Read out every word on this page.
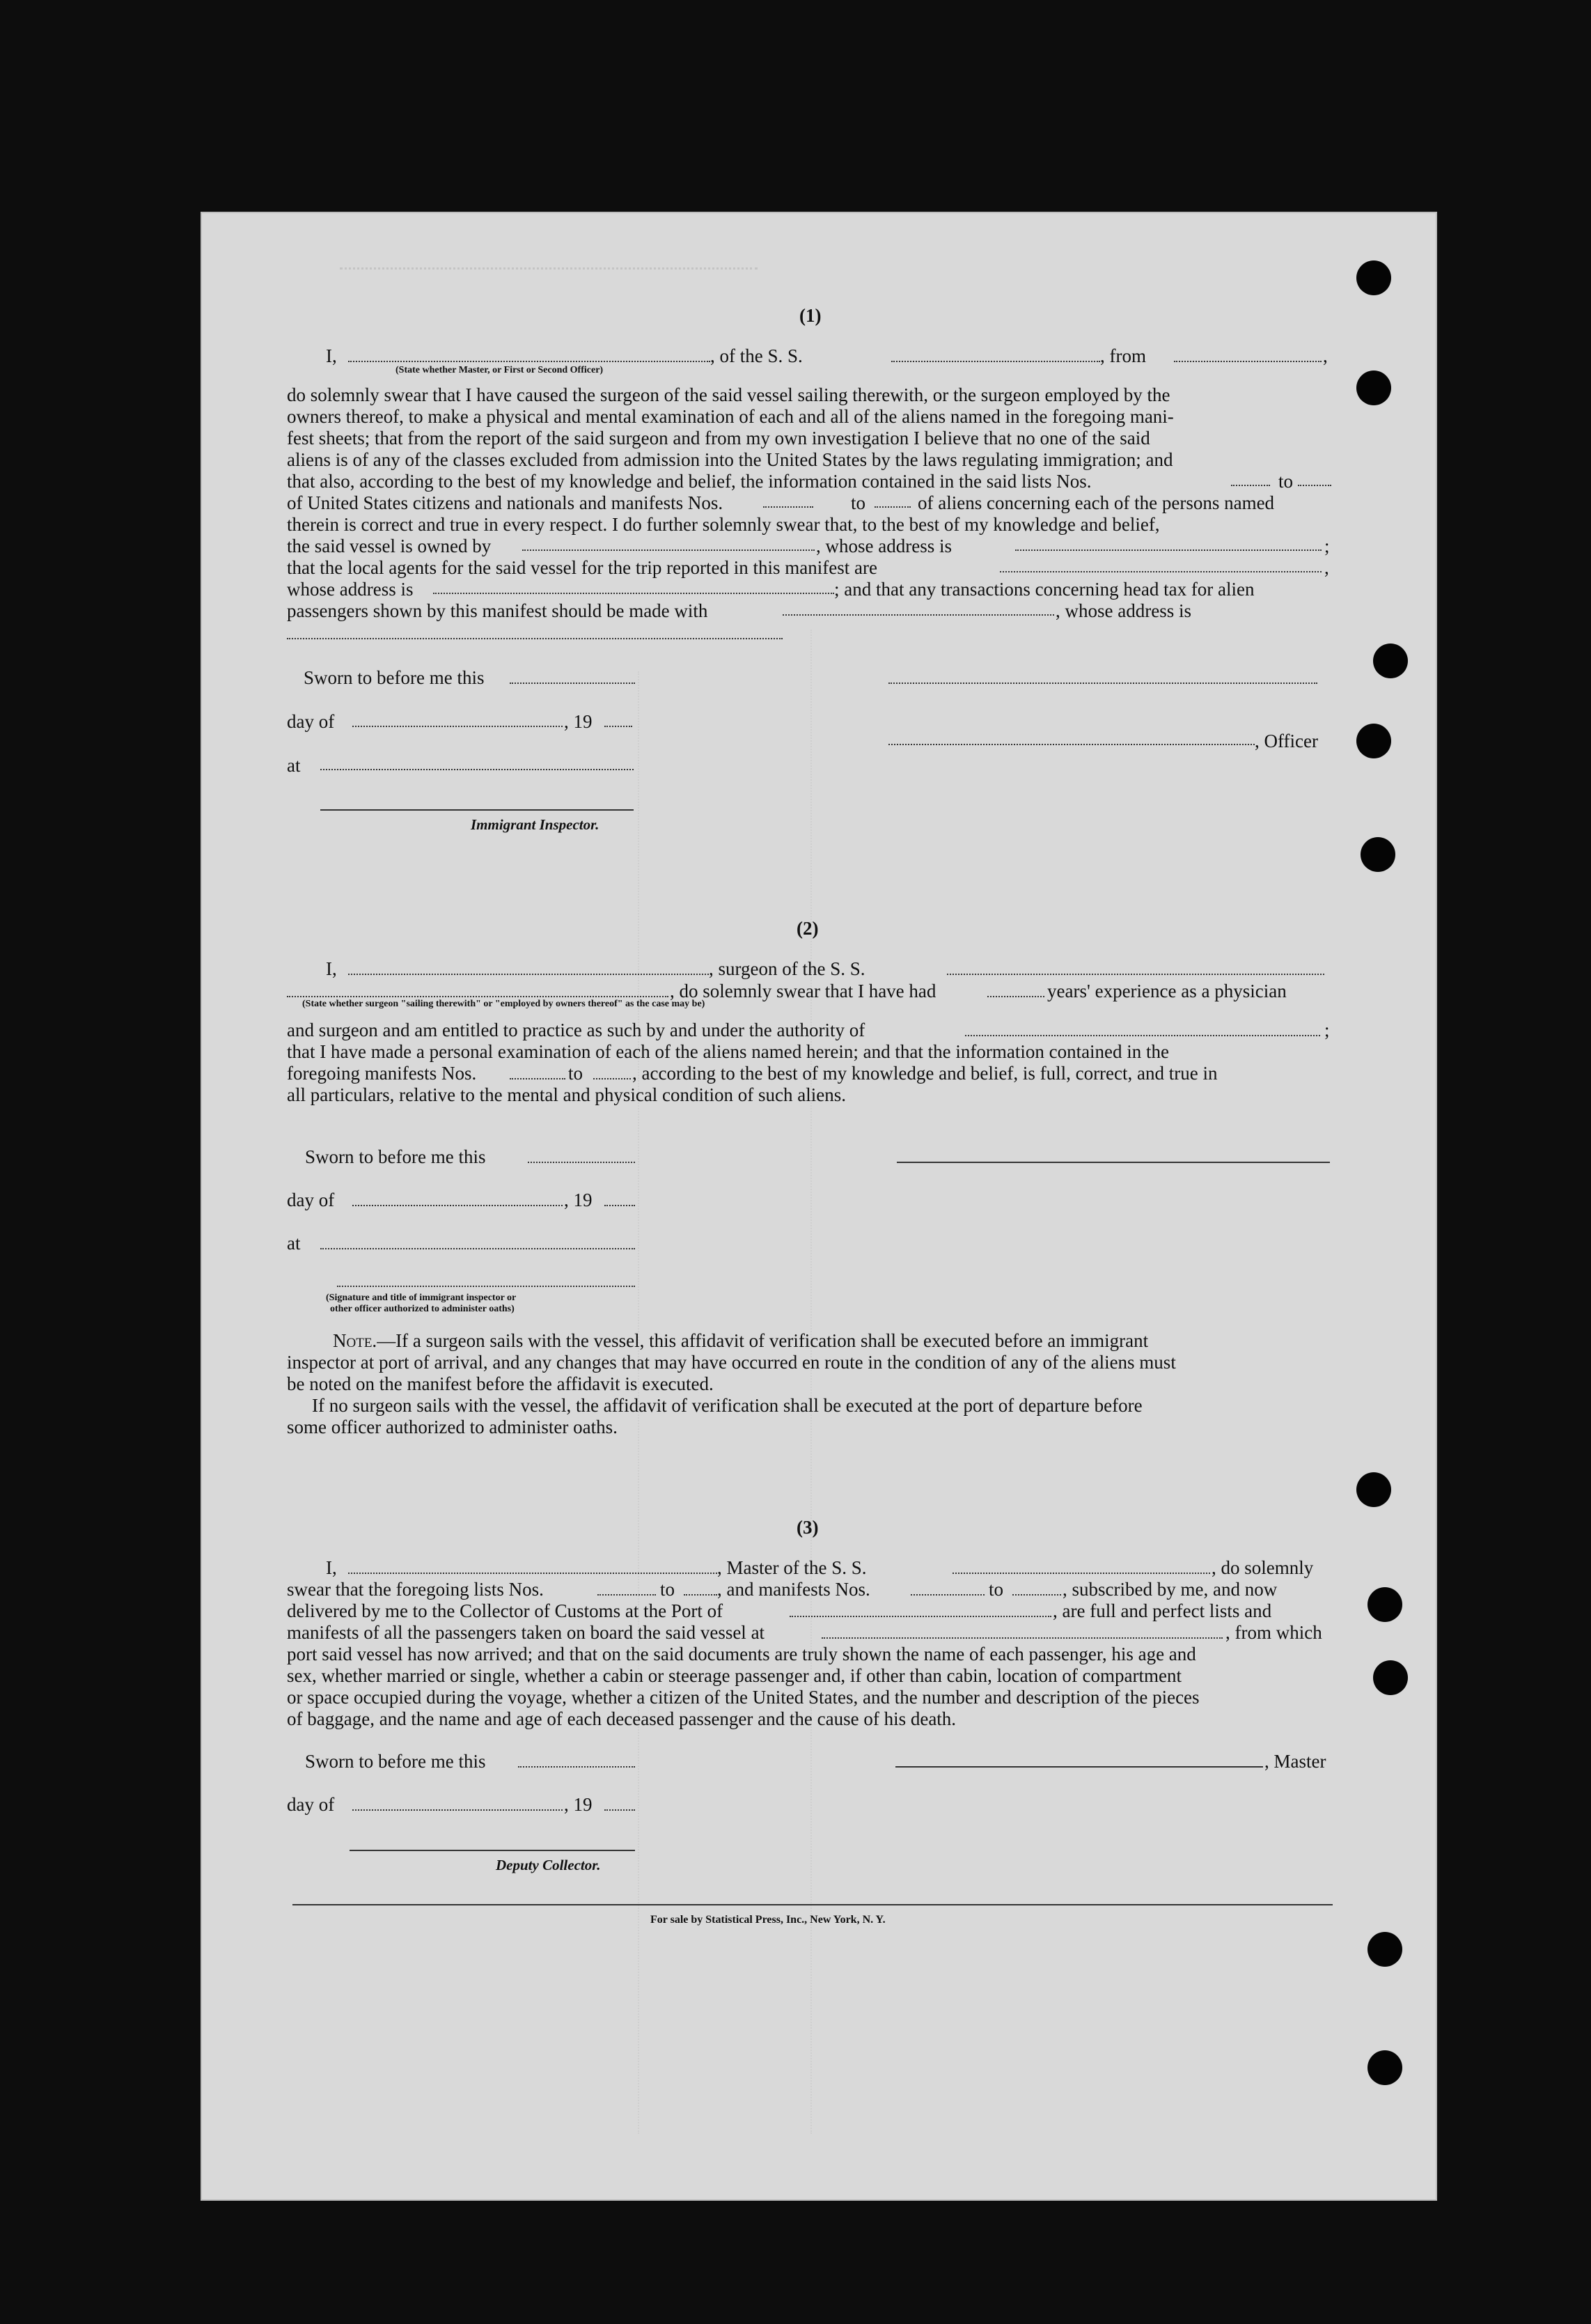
(1)
I,
(State whether Master, or First or Second Officer)
, of the S. S.	, from	,
do solemnly swear that I have caused the surgeon of the said vessel sailing therewith, or the surgeon employed by the
owners thereof, to make a physical and mental examination of each and all of the aliens named in the foregoing mani-
fest sheets; that from the report of the said surgeon and from my own investigation I believe that no one of the said
aliens is of any of the classes excluded from admission into the United States by the laws regulating immigration; and
that also, according to the best of my knowledge and belief, the information contained in the said lists Nos.	to
of United States citizens and nationals and manifests Nos.	to	of aliens concerning each of the persons named
therein is correct and true in every respect. I do further solemnly swear that, to the best of my knowledge and belief,
the said vessel is owned by	, whose address is	;
that the local agents for the said vessel for the trip reported in this manifest are	,
whose address is	; and that any transactions concerning head tax for alien
passengers shown by this manifest should be made with	, whose address is
Sworn to before me this
day of	, 19
, Officer
at
Immigrant Inspector.
(2)
I,	, surgeon of the S. S.
, do solemnly swear that I have had	years' experience as a physician
(State whether surgeon "sailing therewith" or "employed by owners thereof" as the case may be)
and surgeon and am entitled to practice as such by and under the authority of	;
that I have made a personal examination of each of the aliens named herein; and that the information contained in the
foregoing manifests Nos.	to	, according to the best of my knowledge and belief, is full, correct, and true in
all particulars, relative to the mental and physical condition of such aliens.
Sworn to before me this
day of	, 19
at
(Signature and title of immigrant inspector or
other officer authorized to administer oaths)
Note.—If a surgeon sails with the vessel, this affidavit of verification shall be executed before an immigrant
inspector at port of arrival, and any changes that may have occurred en route in the condition of any of the aliens must
be noted on the manifest before the affidavit is executed.
If no surgeon sails with the vessel, the affidavit of verification shall be executed at the port of departure before
some officer authorized to administer oaths.
(3)
I,	, Master of the S. S.	, do solemnly
swear that the foregoing lists Nos.	to , and manifests Nos.	to	, subscribed by me, and now
delivered by me to the Collector of Customs at the Port of	, are full and perfect lists and
manifests of all the passengers taken on board the said vessel at	, from which
port said vessel has now arrived; and that on the said documents are truly shown the name of each passenger, his age and
sex, whether married or single, whether a cabin or steerage passenger and, if other than cabin, location of compartment
or space occupied during the voyage, whether a citizen of the United States, and the number and description of the pieces
of baggage, and the name and age of each deceased passenger and the cause of his death.
Sworn to before me this	, Master
day of	, 19
Deputy Collector.
For sale by Statistical Press, Inc., New York, N. Y.
